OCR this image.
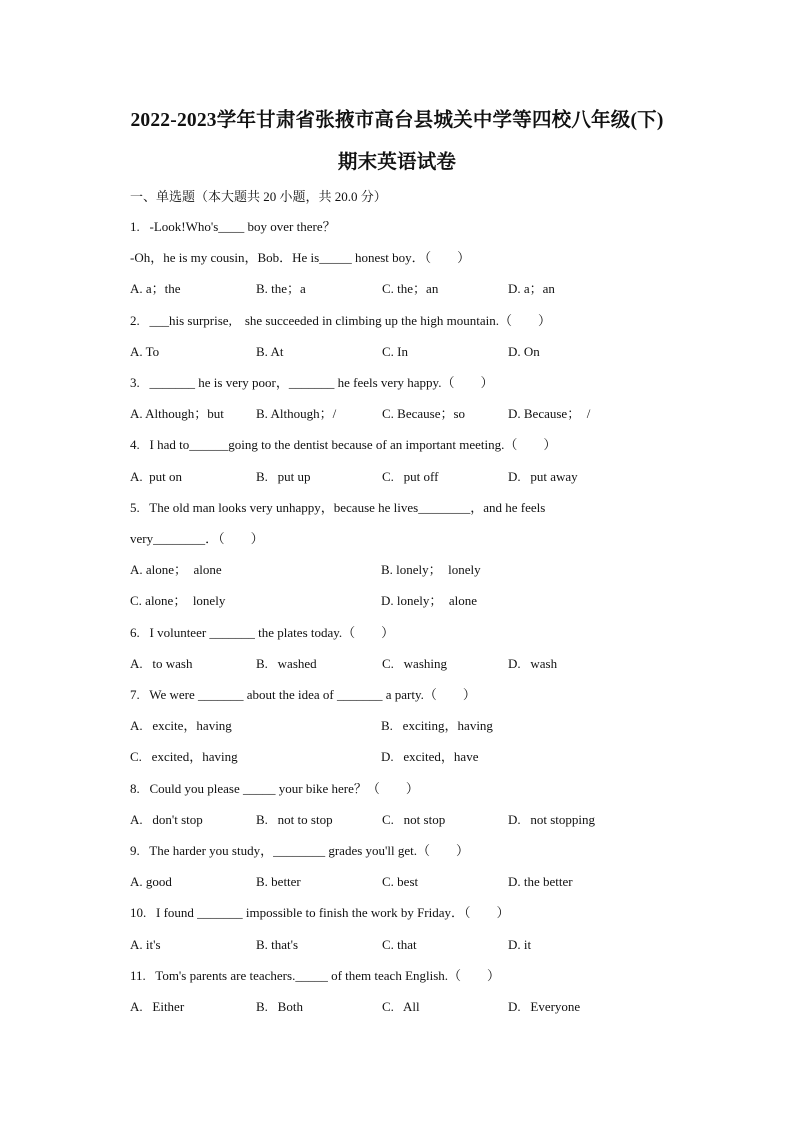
2022-2023学年甘肃省张掖市高台县城关中学等四校八年级(下)
期末英语试卷
一、单选题（本大题共 20 小题，共 20.0 分）
1.   -Look!Who's____ boy over there？
-Oh，he is my cousin，Bob．He is_____ honest boy．（        ）
A. a；the	B. the；a	C. the；an	D. a；an
2.   ___his surprise,    she succeeded in climbing up the high mountain.（        ）
A. To	B. At	C. In	D. On
3.   _______ he is very poor，_______ he feels very happy.（        ）
A. Although；but B. Although；/	C. Because；so	D. Because；  /
4.   I had to______going to the dentist because of an important meeting.（        ）
A.  put on	B.   put up	C.   put off	D.   put away
5.   The old man looks very unhappy，because he lives________，and he feels
very________．（        ）
A. alone；  alone	B. lonely；  lonely
C. alone；  lonely	D. lonely；  alone
6.   I volunteer _______ the plates today.（        ）
A.   to wash	B.   washed	C.   washing	D.   wash
7.   We were _______ about the idea of _______ a party.（        ）
A.   excite，having	B.   exciting，having
C.   excited，having	D.   excited，have
8.   Could you please _____ your bike here？（        ）
A.   don't stop	B.   not to stop	C.   not stop	D.   not stopping
9.   The harder you study，________ grades you'll get.（        ）
A. good	B. better	C. best	D. the better
10.   I found _______ impossible to finish the work by Friday．（        ）
A. it's	B. that's	C. that	D. it
11.   Tom's parents are teachers._____ of them teach English.（        ）
A.   Either	B.   Both	C.   All	D.   Everyone
